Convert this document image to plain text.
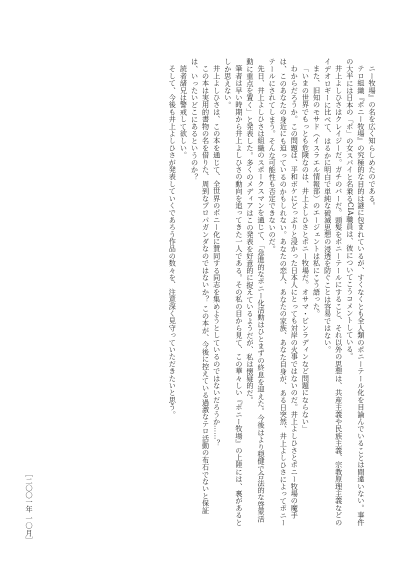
ニー牧場』の名を広く知らしめたのである。

テロ組織『ポニー牧場』の究極的な目的は謎に包まれているが、すくなくとも全人類のポニーテール化を目論んでいることは間違いない。事件の大半には日本の「ポ」の女スパイと名乗るCIA職員は、彼についてこうコメントしている。

井上よしひさはクレイジーだ。ガチのバーだ。頭髪をポニーテールにすること、それ以外の思想は、共産主義や民族主義、宗教原理主義などのイデオロギーに比べて、はるかに明白で単純な破滅思想の浸透を防ぐことは容易ではない。

また、旧知のモサド（イスラエル情報部）のエージェントは私にこう語った。

「いまの世界でもっとも危険なのは、井上よしひさとポニー牧場だ。オサマ・ビンラディンなど問題にならない」

わからだろうか。この問題は、平和ボケにどっぷりと浸かった日本人にとっても対岸の火事ではないのだ。井上よしひさとポニー牧場の魔手は、このあなたの身近にも迫っているのかもしれない。あなたの恋人、あなたの家族、あなた自身が、ある日突然、井上よしひさによってポニーテールにされてしまう。そんな可能性も否定できないのだ。

先日、井上よしひさは組織のスポークスマンを通じて、「急進的なポニー化活動はひとまずの終息を迎えた。今後はより穏健で合法的な啓蒙活動に重点を置く」と発表した。多くのメディアはこの発表を好意的に捉えているようだが、私は懐疑的だ。

筆者は早い時期から井上よしひさの動向を追ってきた一人である。その私の目から見て、この華々しい『ポニー牧場』の上陸には、裏があるとしか思えない。

井上よしひさは、この本を通じて、全世界のポニー化に賛同する同志を集めようとしているのではないだろうか……？

この本は実用的書物の名を借りた、周到なプロパガンダなのではないか？ この本が、今後に控えている過激なテロ活動の布石でないと保証は、いったいどこにあるというのか？

読者諸兄は警戒して欲しい。

そして、今後も井上よしひさが発表していくであろう作品の数々を、注意深く見守っていただきたいと思う。

［二〇〇一年 一〇月］
